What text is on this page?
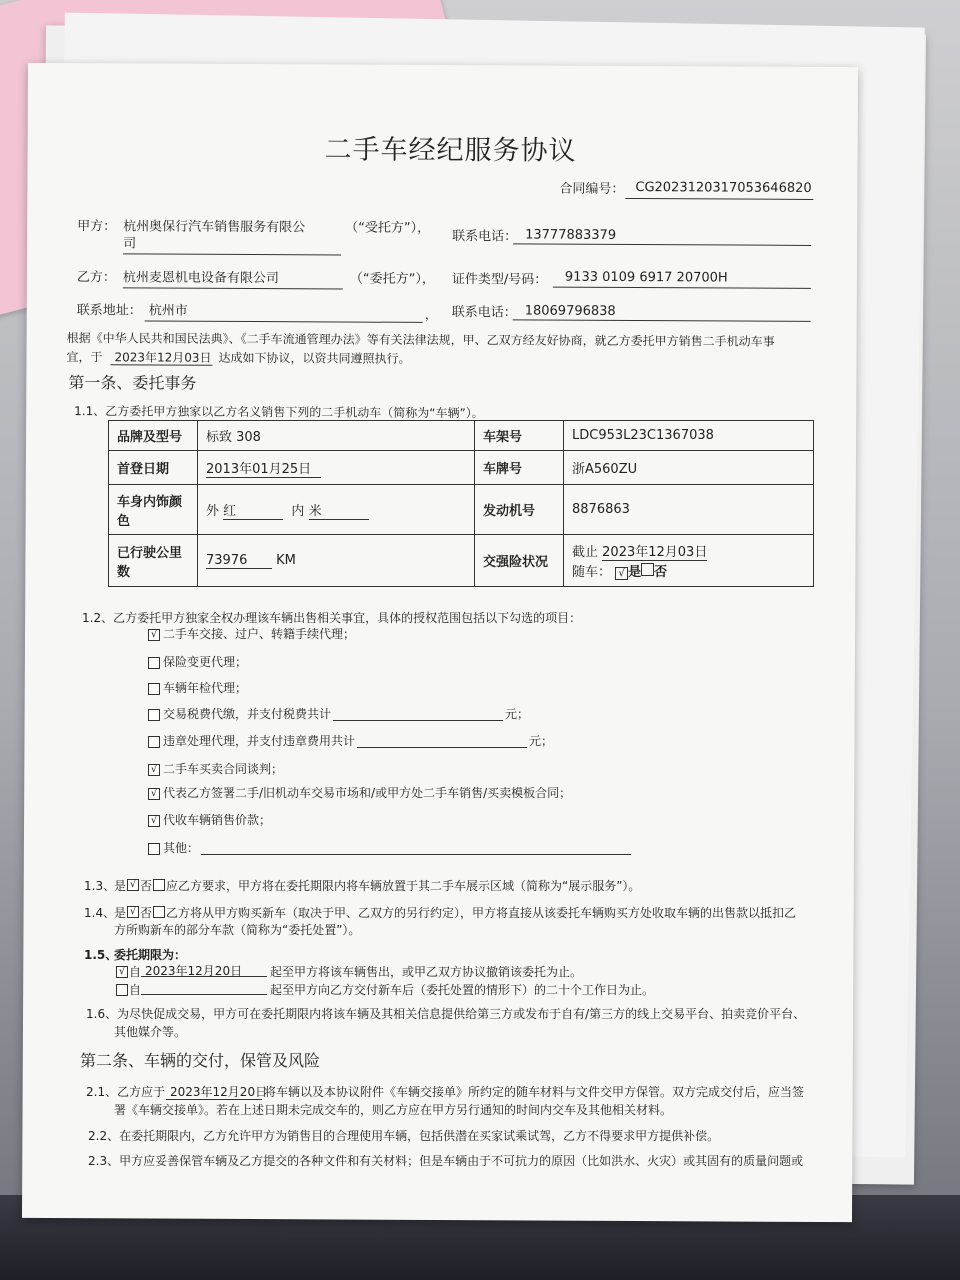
二手车经纪服务协议
合同编号： CG2023120317053646820
甲方： 杭州奥保行汽车销售服务有限公
司
（“受托方”），
联系电话： 13777883379
乙方： 杭州麦恩机电设备有限公司	（“委托方”）， 证件类型/号码： 9133 0109 6917 20700H
联系地址： 杭州市	， 联系电话： 18069796838
根据《中华人民共和国民法典》、《二手车流通管理办法》等有关法律法规，甲、乙双方经友好协商，就乙方委托甲方销售二手机动车事
宜，于 2023年12月03日 达成如下协议，以资共同遵照执行。
第一条、委托事务
1.1、乙方委托甲方独家以乙方名义销售下列的二手机动车（简称为“车辆”）。
品牌及型号	标致 308	车架号	LDC953L23C1367038
首登日期	2013年01月25日	车牌号	浙A560ZU
车身内饰颜
色	外 红 内 米	发动机号	8876863
已行驶公里
数	73976 KM	交强险状况	截止 2023年12月03日
随车： √ 是 否
1.2、乙方委托甲方独家全权办理该车辆出售相关事宜，具体的授权范围包括以下勾选的项目：
√ 二手车交接、过户、转籍手续代理；
保险变更代理；
车辆年检代理；
交易税费代缴，并支付税费共计	元；
违章处理代理，并支付违章费用共计	元；
√ 二手车买卖合同谈判；
√ 代表乙方签署二手/旧机动车交易市场和/或甲方处二手车销售/买卖模板合同；
√ 代收车辆销售价款；
其他：
1.3、
是 √ 否 应乙方要求，甲方将在委托期限内将车辆放置于其二手车展示区域（简称为“展示服务”）。
1.4、
是 √ 否 乙方将从甲方购买新车（取决于甲、乙双方的另行约定），甲方将直接从该委托车辆购买方处收取车辆的出售款以抵扣乙
方所购新车的部分车款（简称为“委托处置”）。
1.5、
委托期限为：
√ 自 2023年12月20日 起至甲方将该车辆售出，或甲乙双方协议撤销该委托为止。
自	起至甲方向乙方交付新车后（委托处置的情形下）的二十个工作日为止。
1.6、为尽快促成交易，甲方可在委托期限内将该车辆及其相关信息提供给第三方或发布于自有/第三方的线上交易平台、拍卖竞价平台、
其他媒介等。
第二条、车辆的交付，保管及风险
2.1、乙方应于 2023年12月20日
将车辆以及本协议附件《车辆交接单》所约定的随车材料与文件交甲方保管。双方完成交付后，应当签
署《车辆交接单》。若在上述日期未完成交车的，则乙方应在甲方另行通知的时间内交车及其他相关材料。
2.2、在委托期限内，乙方允许甲方为销售目的合理使用车辆，包括供潜在买家试乘试驾，乙方不得要求甲方提供补偿。
2.3、甲方应妥善保管车辆及乙方提交的各种文件和有关材料；但是车辆由于不可抗力的原因（比如洪水、火灾）或其固有的质量问题或
